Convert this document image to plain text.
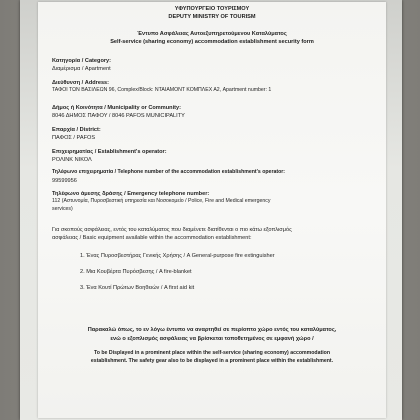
ΥΦΥΠΟΥΡΓΕΙΟ ΤΟΥΡΙΣΜΟΥ
DEPUTY MINISTRY OF TOURISM
Έντυπο Ασφάλειας Αυτοεξυπηρετούμενου Καταλύματος
Self-service (sharing economy) accommodation establishment security form
Κατηγορία / Category:
Διαμέρισμα / Apartment
Διεύθυνση / Address:
ΤΑΦΟΙ ΤΩΝ ΒΑΣΙΛΕΩΝ 96, Complex/Block: ΝΤΑΙΑΜΟΝΤ ΚΟΜΠΛΕΧ Α2, Apartment number: 1
Δήμος ή Κοινότητα / Municipality or Community:
8046 ΔΗΜΟΣ ΠΑΦΟΥ / 8046 PAFOS MUNICIPALITY
Επαρχία / District:
ΠΑΦΟΣ / PAFOS
Επιχειρηματίας / Establishment's operator:
ΡΟΛΙΝΚ ΝΙΚΟΛ
Τηλέφωνο επιχειρηματία / Telephone number of the accommodation establishment's operator:
99599956
Τηλέφωνο άμεσης δράσης / Emergency telephone number:
112 (Αστυνομία, Πυροσβεστική υπηρεσία και Νοσοκομείο / Police, Fire and Medical emergency
services)
Για σκοπούς ασφάλειας, εντός του καταλύματος που διαμένετε διατίθενται ο πιο κάτω εξοπλισμός
ασφάλειας / Basic equipment available within the accommodation establishment:
1. Ένας Πυροσβεστήρας Γενικής Χρήσης / A General-purpose fire extinguisher
2. Μια Κουβέρτα Πυρόσβεσης / A fire-blanket
3. Ένα Κουτί Πρώτων Βοηθειών / A first aid kit
Παρακαλώ όπως, το εν λόγω έντυπο να αναρτηθεί σε περίοπτο χώρο εντός του καταλύματος,
ενώ ο εξοπλισμός ασφάλειας να βρίσκεται τοποθετημένος σε εμφανή χώρο /
To be Displayed in a prominent place within the self-service (sharing economy) accommodation
establishment. The safety gear also to be displayed in a prominent place within the establishment.
